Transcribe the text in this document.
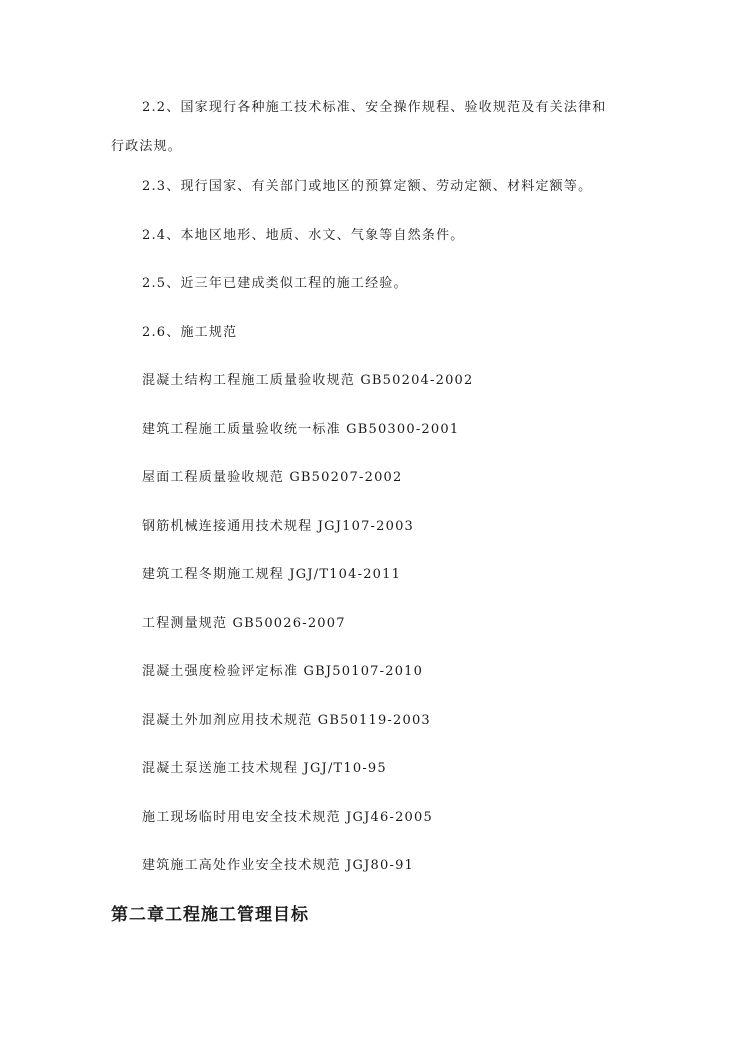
2.2、国家现行各种施工技术标准、安全操作规程、验收规范及有关法律和
行政法规。
2.3、现行国家、有关部门或地区的预算定额、劳动定额、材料定额等。
2.4、本地区地形、地质、水文、气象等自然条件。
2.5、近三年已建成类似工程的施工经验。
2.6、施工规范
混凝土结构工程施工质量验收规范 GB50204-2002
建筑工程施工质量验收统一标准 GB50300-2001
屋面工程质量验收规范 GB50207-2002
钢筋机械连接通用技术规程 JGJ107-2003
建筑工程冬期施工规程 JGJ/T104-2011
工程测量规范 GB50026-2007
混凝土强度检验评定标准 GBJ50107-2010
混凝土外加剂应用技术规范 GB50119-2003
混凝土泵送施工技术规程 JGJ/T10-95
施工现场临时用电安全技术规范 JGJ46-2005
建筑施工高处作业安全技术规范 JGJ80-91
第二章工程施工管理目标
